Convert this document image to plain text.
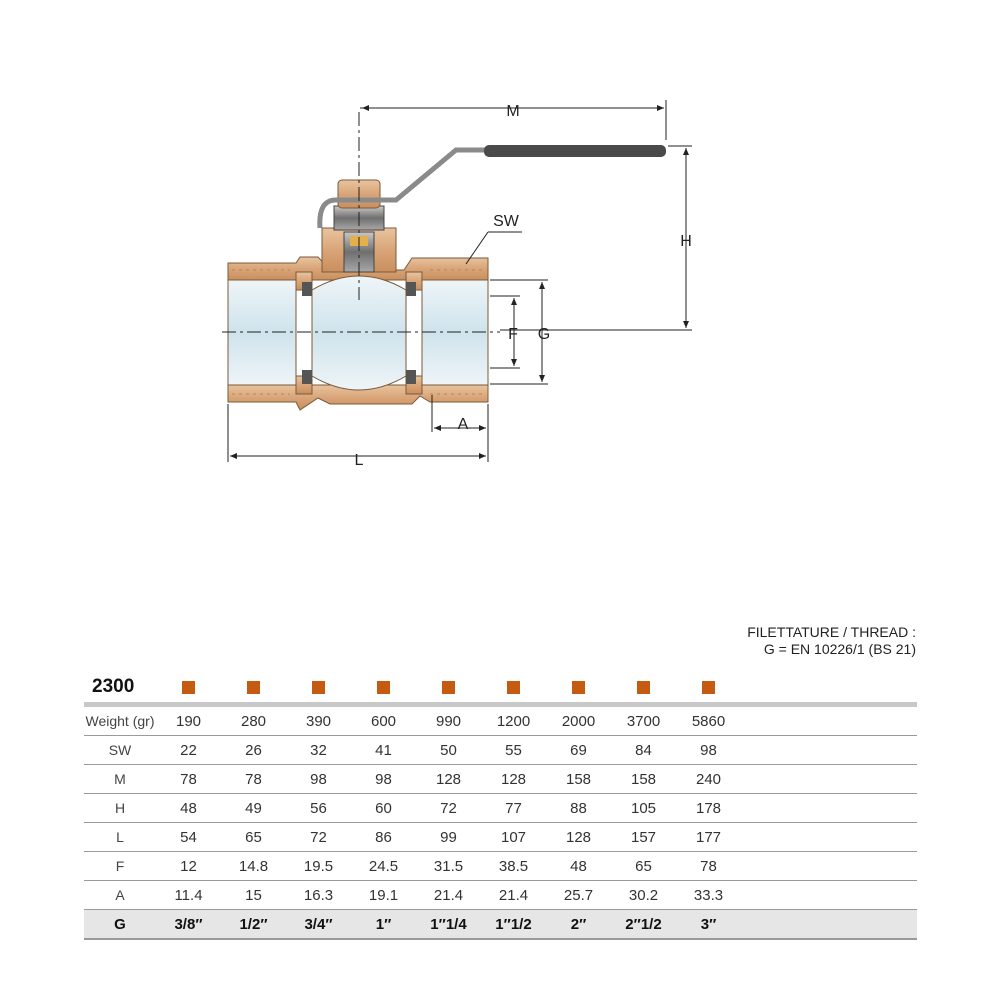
M
SW
H
F G
A
L
FILETTATURE / THREAD :
G = EN 10226/1 (BS 21)
2300										
Weight (gr)	190	280	390	600	990	1200	2000	3700	5860	
SW	22	26	32	41	50	55	69	84	98	
M	78	78	98	98	128	128	158	158	240	
H	48	49	56	60	72	77	88	105	178	
L	54	65	72	86	99	107	128	157	177	
F	12	14.8	19.5	24.5	31.5	38.5	48	65	78	
A	11.4	15	16.3	19.1	21.4	21.4	25.7	30.2	33.3	
G	3/8″	1/2″	3/4″	1″	1″1/4	1″1/2	2″	2″1/2	3″	
